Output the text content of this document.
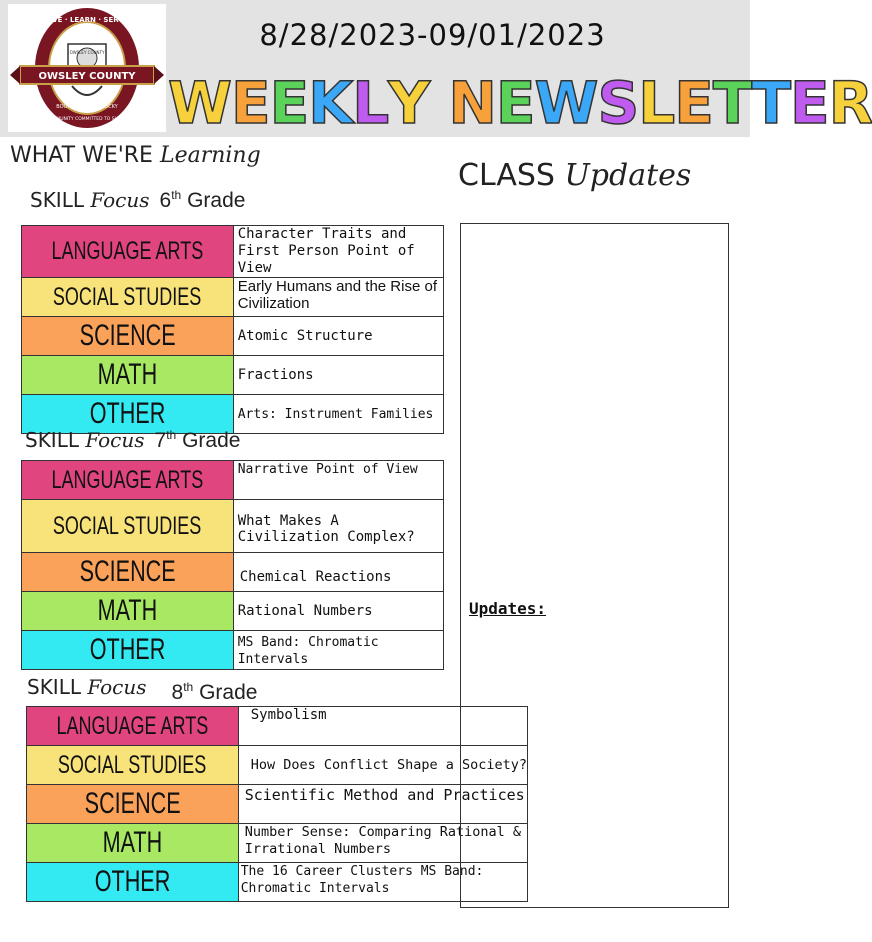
OWSLEY COUNTY
LIVE · LEARN · SERVE
OWSLEY COUNTY
BOONEVILLE, KENTUCKY
A COMMUNITY COMMITTED TO SUCCESS
8/28/2023-09/01/2023
WEEKLY NEWSLETTER
WHAT WE'RE Learning
CLASS Updates
SKILL Focus 6th Grade
LANGUAGE ARTS	Character Traits and First Person Point of View
SOCIAL STUDIES	Early Humans and the Rise of Civilization
SCIENCE	Atomic Structure
MATH	Fractions
OTHER	Arts: Instrument Families
SKILL Focus 7th Grade
LANGUAGE ARTS	Narrative Point of View
SOCIAL STUDIES	What Makes A Civilization Complex?
SCIENCE	Chemical Reactions
MATH	Rational Numbers
OTHER	MS Band: Chromatic Intervals
SKILL Focus 8th Grade
LANGUAGE ARTS	Symbolism
SOCIAL STUDIES	How Does Conflict Shape a Society?
SCIENCE	Scientific Method and Practices
MATH	Number Sense: Comparing Rational & Irrational Numbers
OTHER	The 16 Career Clusters MS Band: Chromatic Intervals
Updates:
